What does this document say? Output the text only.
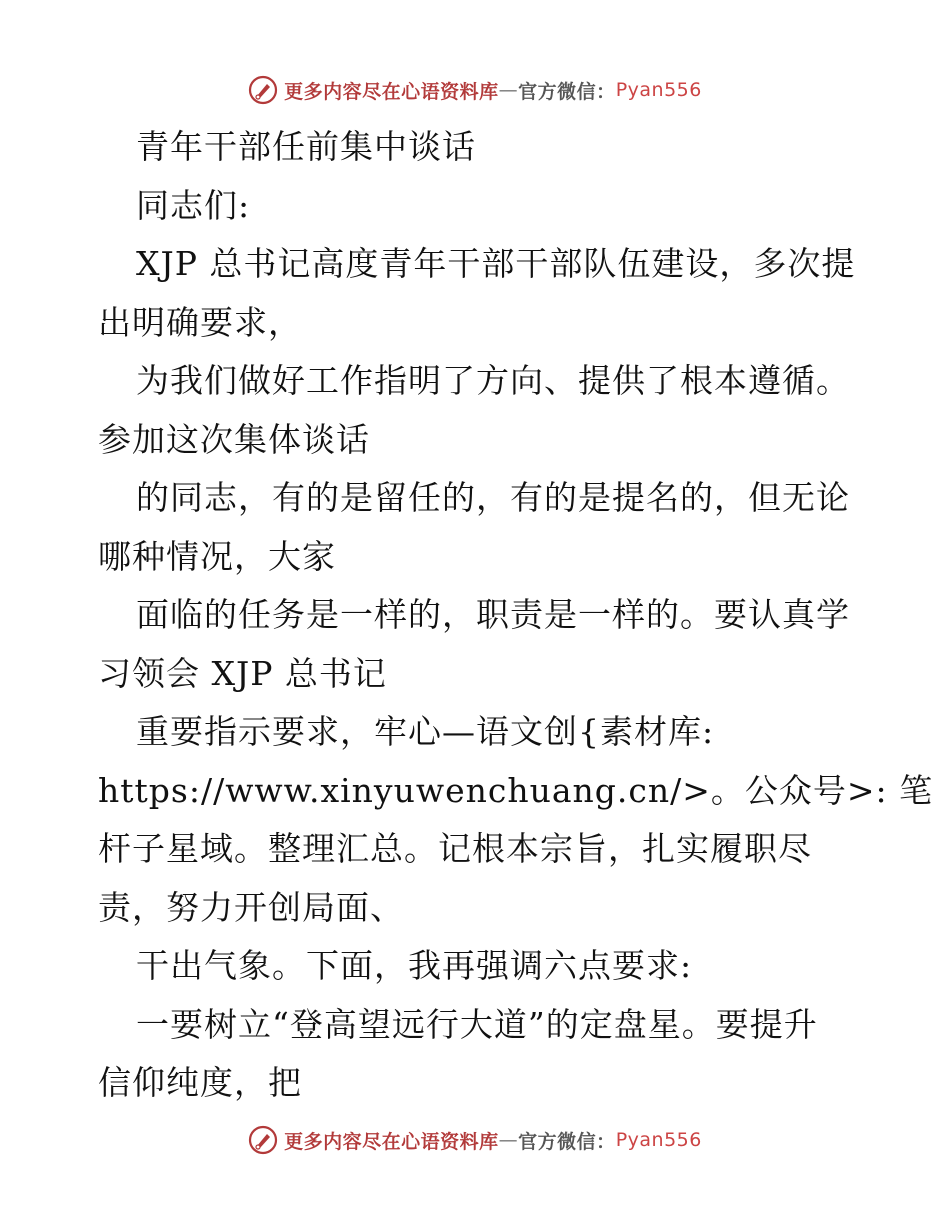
更多内容尽在心语资料库 — 官方微信： Pyan556
青年干部任前集中谈话
同志们:
XJP 总书记高度青年干部干部队伍建设，多次提
出明确要求，
为我们做好工作指明了方向、提供了根本遵循。
参加这次集体谈话
的同志，有的是留任的，有的是提名的，但无论
哪种情况，大家
面临的任务是一样的，职责是一样的。要认真学
习领会 XJP 总书记
重要指示要求，牢心—语文创{素材库:
https://www.xinyuwenchuang.cn/>。公众号>: 笔
杆子星域。整理汇总。记根本宗旨，扎实履职尽
责，努力开创局面、
干出气象。下面，我再强调六点要求:
一要树立“登高望远行大道”的定盘星。要提升
信仰纯度，把
更多内容尽在心语资料库 — 官方微信： Pyan556
